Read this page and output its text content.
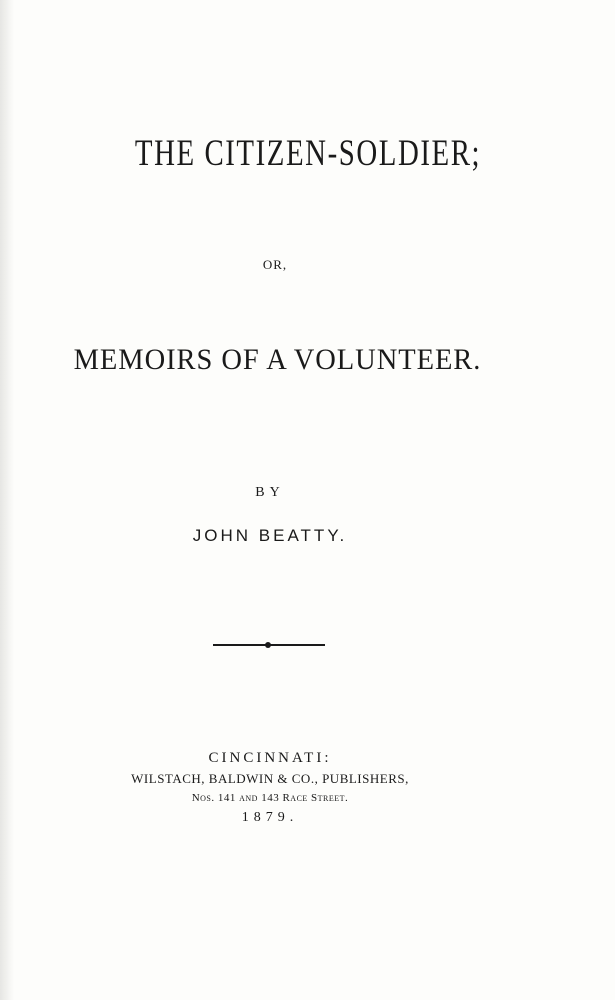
THE CITIZEN-SOLDIER;
OR,
MEMOIRS OF A VOLUNTEER.
BY
JOHN BEATTY.
CINCINNATI:
WILSTACH, BALDWIN & CO., PUBLISHERS,
Nos. 141 and 143 Race Street.
1879.
